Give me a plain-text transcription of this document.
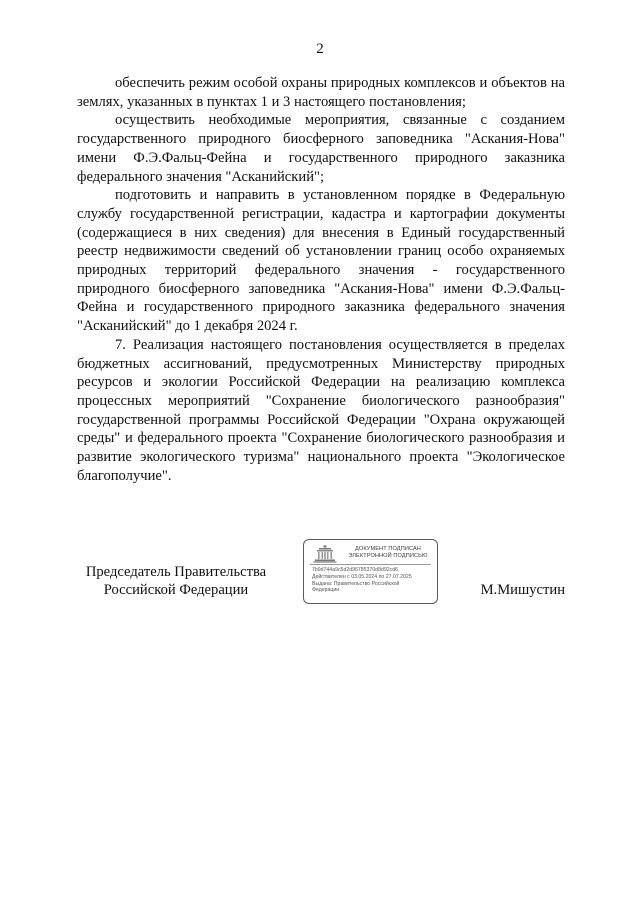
2

обеспечить режим особой охраны природных комплексов и объектов на землях, указанных в пунктах 1 и 3 настоящего постановления;

осуществить необходимые мероприятия, связанные с созданием государственного природного биосферного заповедника "Аскания-Нова" имени Ф.Э.Фальц-Фейна и государственного природного заказника федерального значения "Асканийский";

подготовить и направить в установленном порядке в Федеральную службу государственной регистрации, кадастра и картографии документы (содержащиеся в них сведения) для внесения в Единый государственный реестр недвижимости сведений об установлении границ особо охраняемых природных территорий федерального значения - государственного природного биосферного заповедника "Аскания-Нова" имени Ф.Э.Фальц-Фейна и государственного природного заказника федерального значения "Асканийский" до 1 декабря 2024 г.

7. Реализация настоящего постановления осуществляется в пределах бюджетных ассигнований, предусмотренных Министерству природных ресурсов и экологии Российской Федерации на реализацию комплекса процессных мероприятий "Сохранение биологического разнообразия" государственной программы Российской Федерации "Охрана окружающей среды" и федерального проекта "Сохранение биологического разнообразия и развитие экологического туризма" национального проекта "Экологическое благополучие".

Председатель Правительства
Российской Федерации
ДОКУМЕНТ ПОДПИСАН
ЭЛЕКТРОННОЙ ПОДПИСЬЮ
7b9d744a9c5d2d96785370d8d92cd6
Действителен с 03.05.2024 по 27.07.2025
Выдана: Правительство Российской
Федерации	М.Мишустин
